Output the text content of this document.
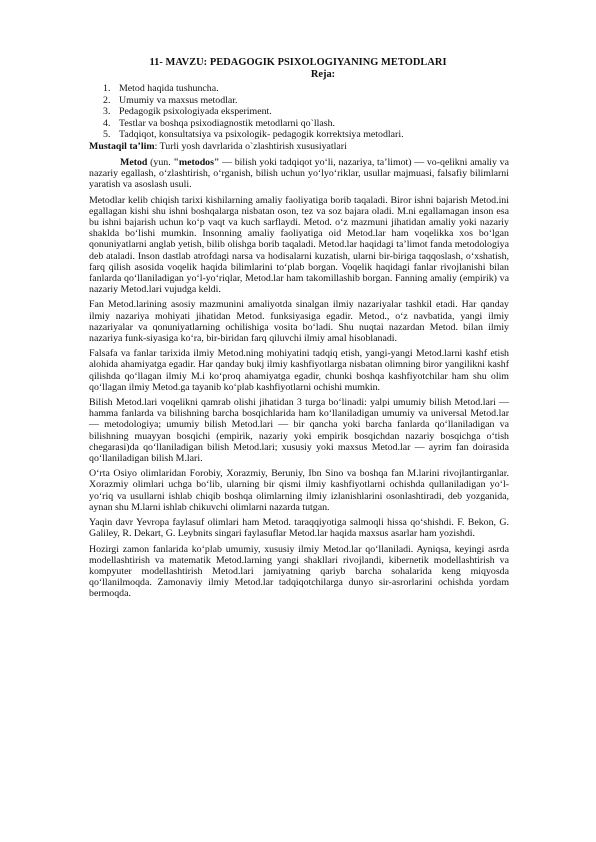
11- MAVZU: PEDAGOGIK PSIXOLOGIYANING METODLARI
Reja:
1. Metod haqida tushuncha.
2. Umumiy va maxsus metodlar.
3. Pedagogik psixologiyada eksperiment.
4. Testlar va boshqa psixodiagnostik metodlarni qo`llash.
5. Tadqiqot, konsultatsiya va psixologik- pedagogik korrektsiya metodlari.
Mustaqil ta’lim: Turli yosh davrlarida o`zlashtirish xususiyatlari

Metod (yun. "metodos" — bilish yoki tadqiqot yo‘li, nazariya, ta’limot) — vo-qelikni amaliy va nazariy egallash, o‘zlashtirish, o‘rganish, bilish uchun yo‘lyo‘riklar, usullar majmuasi, falsafiy bilimlarni yaratish va asoslash usuli.

Metodlar kelib chiqish tarixi kishilarning amaliy faoliyatiga borib taqaladi. Biror ishni bajarish Metod.ini egallagan kishi shu ishni boshqalarga nisbatan oson, tez va soz bajara oladi. M.ni egallamagan inson esa bu ishni bajarish uchun ko‘p vaqt va kuch sarflaydi. Metod. o‘z mazmuni jihatidan amaliy yoki nazariy shaklda bo‘lishi mumkin. Insonning amaliy faoliyatiga oid Metod.lar ham voqelikka xos bo‘lgan qonuniyatlarni anglab yetish, bilib olishga borib taqaladi. Metod.lar haqidagi ta’limot fanda metodologiya deb ataladi. Inson dastlab atrofdagi narsa va hodisalarni kuzatish, ularni bir-biriga taqqoslash, o‘xshatish, farq qilish asosida voqelik haqida bilimlarini to‘plab borgan. Voqelik haqidagi fanlar rivojlanishi bilan fanlarda qo‘llaniladigan yo‘l-yo‘riqlar, Metod.lar ham takomillashib borgan. Fanning amaliy (empirik) va nazariy Metod.lari vujudga keldi.

Fan Metod.larining asosiy mazmunini amaliyotda sinalgan ilmiy nazariyalar tashkil etadi. Har qanday ilmiy nazariya mohiyati jihatidan Metod. funksiyasiga egadir. Metod., o‘z navbatida, yangi ilmiy nazariyalar va qonuniyatlarning ochilishiga vosita bo‘ladi. Shu nuqtai nazardan Metod. bilan ilmiy nazariya funk-siyasiga ko‘ra, bir-biridan farq qiluvchi ilmiy amal hisoblanadi.

Falsafa va fanlar tarixida ilmiy Metod.ning mohiyatini tadqiq etish, yangi-yangi Metod.larni kashf etish alohida ahamiyatga egadir. Har qanday bukj ilmiy kashfiyotlarga nisbatan olimning biror yangilikni kashf qilishda qo‘llagan ilmiy M.i ko‘proq ahamiyatga egadir, chunki boshqa kashfiyotchilar ham shu olim qo‘llagan ilmiy Metod.ga tayanib ko‘plab kashfiyotlarni ochishi mumkin.

Bilish Metod.lari voqelikni qamrab olishi jihatidan 3 turga bo‘linadi: yalpi umumiy bilish Metod.lari — hamma fanlarda va bilishning barcha bosqichlarida ham ko‘llaniladigan umumiy va universal Metod.lar — metodologiya; umumiy bilish Metod.lari — bir qancha yoki barcha fanlarda qo‘llaniladigan va bilishning muayyan bosqichi (empirik, nazariy yoki empirik bosqichdan nazariy bosqichga o‘tish chegarasi)da qo‘llaniladigan bilish Metod.lari; xususiy yoki maxsus Metod.lar — ayrim fan doirasida qo‘llaniladigan bilish M.lari.

O‘rta Osiyo olimlaridan Forobiy, Xorazmiy, Beruniy, Ibn Sino va boshqa fan M.larini rivojlantirganlar. Xorazmiy olimlari uchga bo‘lib, ularning bir qismi ilmiy kashfiyotlarni ochishda qullaniladigan yo‘l-yo‘riq va usullarni ishlab chiqib boshqa olimlarning ilmiy izlanishlarini osonlashtiradi, deb yozganida, aynan shu M.larni ishlab chikuvchi olimlarni nazarda tutgan.

Yaqin davr Yevropa faylasuf olimlari ham Metod. taraqqiyotiga salmoqli hissa qo‘shishdi. F. Bekon, G. Galiley, R. Dekart, G. Leybnits singari faylasuflar Metod.lar haqida maxsus asarlar ham yozishdi.

Hozirgi zamon fanlarida ko‘plab umumiy, xususiy ilmiy Metod.lar qo‘llaniladi. Ayniqsa, keyingi asrda modellashtirish va matematik Metod.larning yangi shakllari rivojlandi, kibernetik modellashtirish va kompyuter modellashtirish Metod.lari jamiyatning qariyb barcha sohalarida keng miqyosda qo‘llanilmoqda. Zamonaviy ilmiy Metod.lar tadqiqotchilarga dunyo sir-asrorlarini ochishda yordam bermoqda.
